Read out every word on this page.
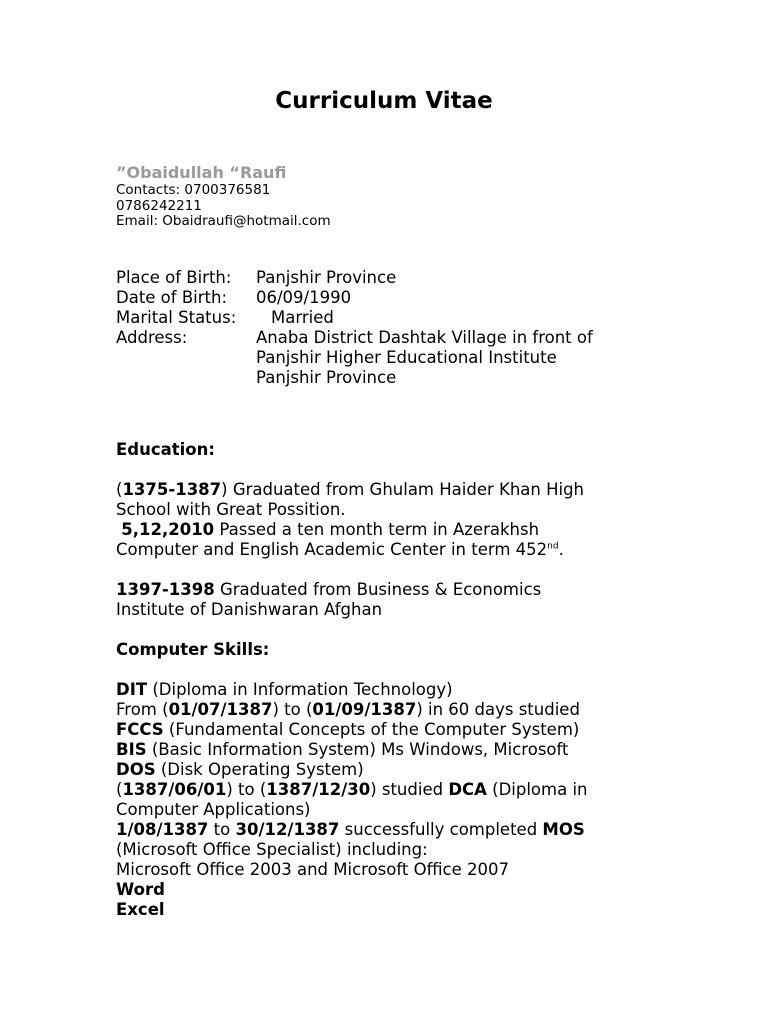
Curriculum Vitae
”Obaidullah “Raufi
Contacts: 0700376581
0786242211
Email: Obaidraufi@hotmail.com
Place of Birth:	Panjshir Province
Date of Birth:	06/09/1990
Marital Status:	Married
Address:	Anaba District Dashtak Village in front of
Panjshir Higher Educational Institute
Panjshir Province
Education:
(1375-1387) Graduated from Ghulam Haider Khan High
School with Great Possition.
5,12,2010 Passed a ten month term in Azerakhsh
Computer and English Academic Center in term 452nd.
1397-1398 Graduated from Business & Economics
Institute of Danishwaran Afghan
Computer Skills:
DIT (Diploma in Information Technology)
From (01/07/1387) to (01/09/1387) in 60 days studied
FCCS (Fundamental Concepts of the Computer System)
BIS (Basic Information System) Ms Windows, Microsoft
DOS (Disk Operating System)
(1387/06/01) to (1387/12/30) studied DCA (Diploma in
Computer Applications)
1/08/1387 to 30/12/1387 successfully completed MOS
(Microsoft Office Specialist) including:
Microsoft Office 2003 and Microsoft Office 2007
Word
Excel
